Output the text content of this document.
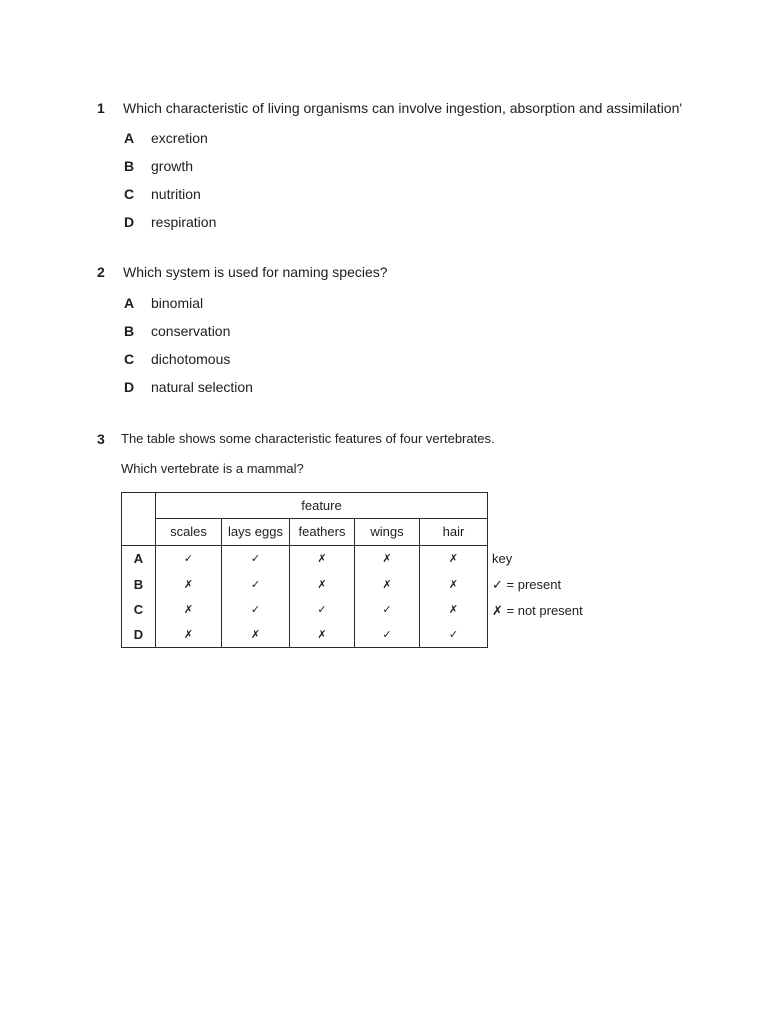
1 Which characteristic of living organisms can involve ingestion, absorption and assimilation'
A excretion
B growth
C nutrition
D respiration
2 Which system is used for naming species?
A binomial
B conservation
C dichotomous
D natural selection
3 The table shows some characteristic features of four vertebrates.
Which vertebrate is a mammal?
	feature				
	scales	lays eggs	feathers	wings	hair
A	✓	✓	✗	✗	✗
B	✗	✓	✗	✗	✗
C	✗	✓	✓	✓	✗
D	✗	✗	✗	✓	✓
key
✓ = present
✗ = not present
